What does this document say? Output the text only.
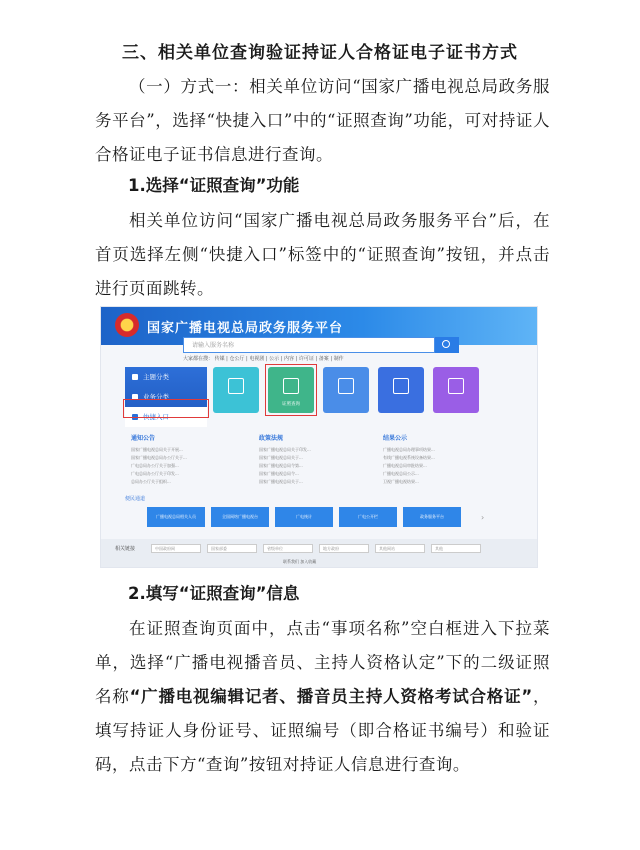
三、相关单位查询验证持证人合格证电子证书方式
（一）方式一：相关单位访问“国家广播电视总局政务服务平台”，选择“快捷入口”中的“证照查询”功能，可对持证人合格证电子证书信息进行查询。
1.选择“证照查询”功能
相关单位访问“国家广播电视总局政务服务平台”后，在首页选择左侧“快捷入口”标签中的“证照查询”按钮，并点击进行页面跳转。
国家广播电视总局政务服务平台
请输入服务名称
大家都在搜： 传媒 | 仓公厅 | 电视剧 | 公示 | 内容 | 许可证 | 备案 | 制作
主题分类
业务分类
快捷入口
证照查询
通知公告
国家广播电视总局关于开展...
国家广播电视总局办公厅关于...
广电总局办公厅关于加强...
广电总局办公厅关于印发...
总局办公厅关于组织...
政策法规
国家广播电视总局关于印发...
国家广播电视总局关于...
国家广播电视总局令第...
国家广播电视总局令...
国家广播电视总局关于...
结果公示
广播电视总局办理事项结果...
有线广播电视系统设备结果...
广播电视总局审批结果...
广播电视总局公示...
卫视广播电视结果...
便民通道
广播电视总局相关人员	全国网络广播电视台	广电统计	广电公开栏	政务服务平台	›
相关链接	中国政府网	国家部委	省级单位	地方政府	其他网站	其他
联系我们 加入收藏
2.填写“证照查询”信息
在证照查询页面中，点击“事项名称”空白框进入下拉菜单，选择“广播电视播音员、主持人资格认定”下的二级证照名称“广播电视编辑记者、播音员主持人资格考试合格证”，填写持证人身份证号、证照编号（即合格证书编号）和验证码，点击下方“查询”按钮对持证人信息进行查询。
